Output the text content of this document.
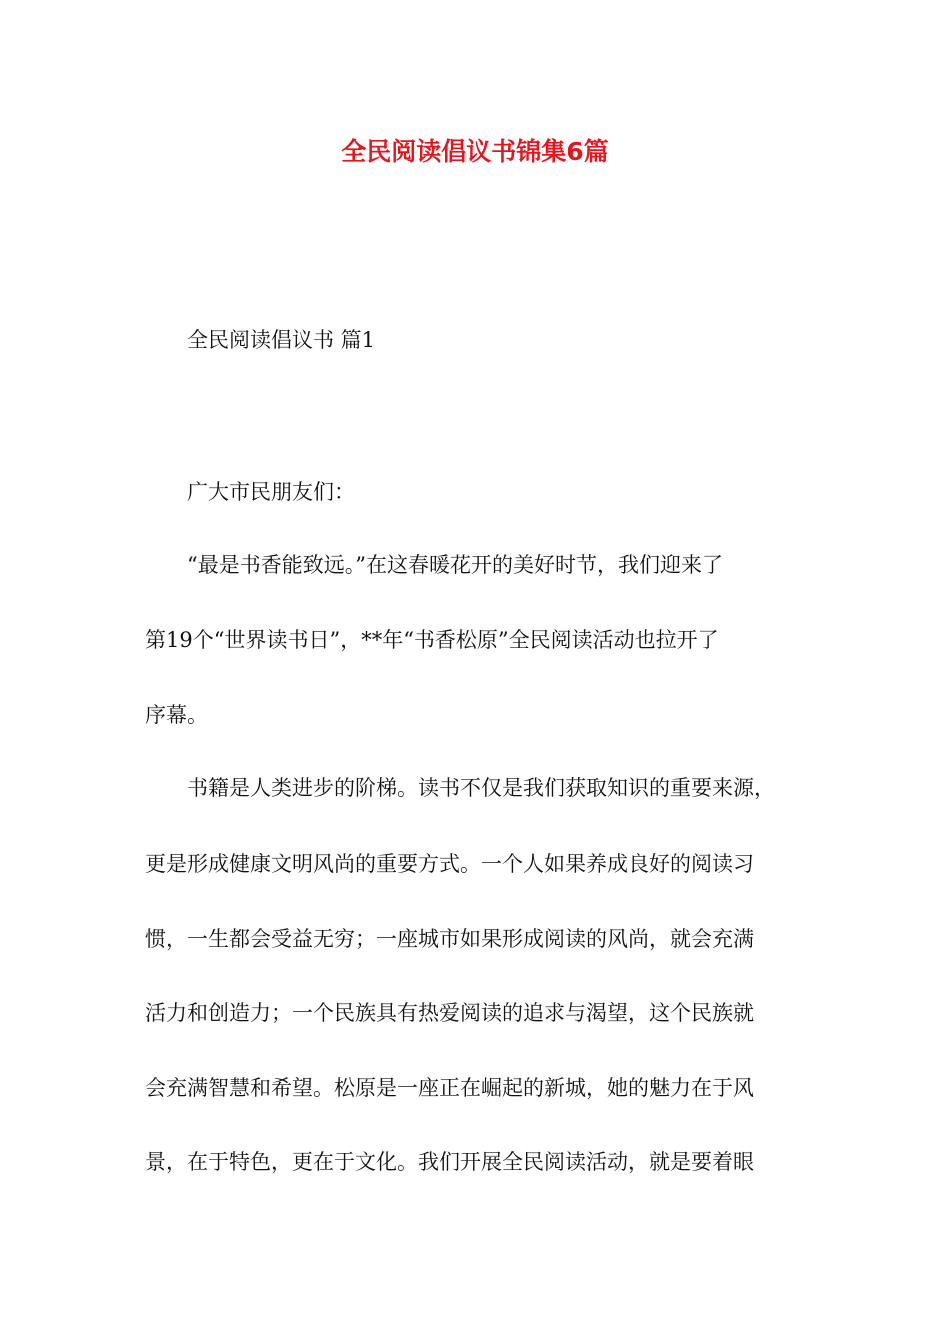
全民阅读倡议书锦集6篇

全民阅读倡议书 篇1

广大市民朋友们：

“最是书香能致远。”在这春暖花开的美好时节，我们迎来了

第19个“世界读书日”，**年“书香松原”全民阅读活动也拉开了

序幕。

书籍是人类进步的阶梯。读书不仅是我们获取知识的重要来源，

更是形成健康文明风尚的重要方式。一个人如果养成良好的阅读习

惯，一生都会受益无穷；一座城市如果形成阅读的风尚，就会充满

活力和创造力；一个民族具有热爱阅读的追求与渴望，这个民族就

会充满智慧和希望。松原是一座正在崛起的新城，她的魅力在于风

景，在于特色，更在于文化。我们开展全民阅读活动，就是要着眼
